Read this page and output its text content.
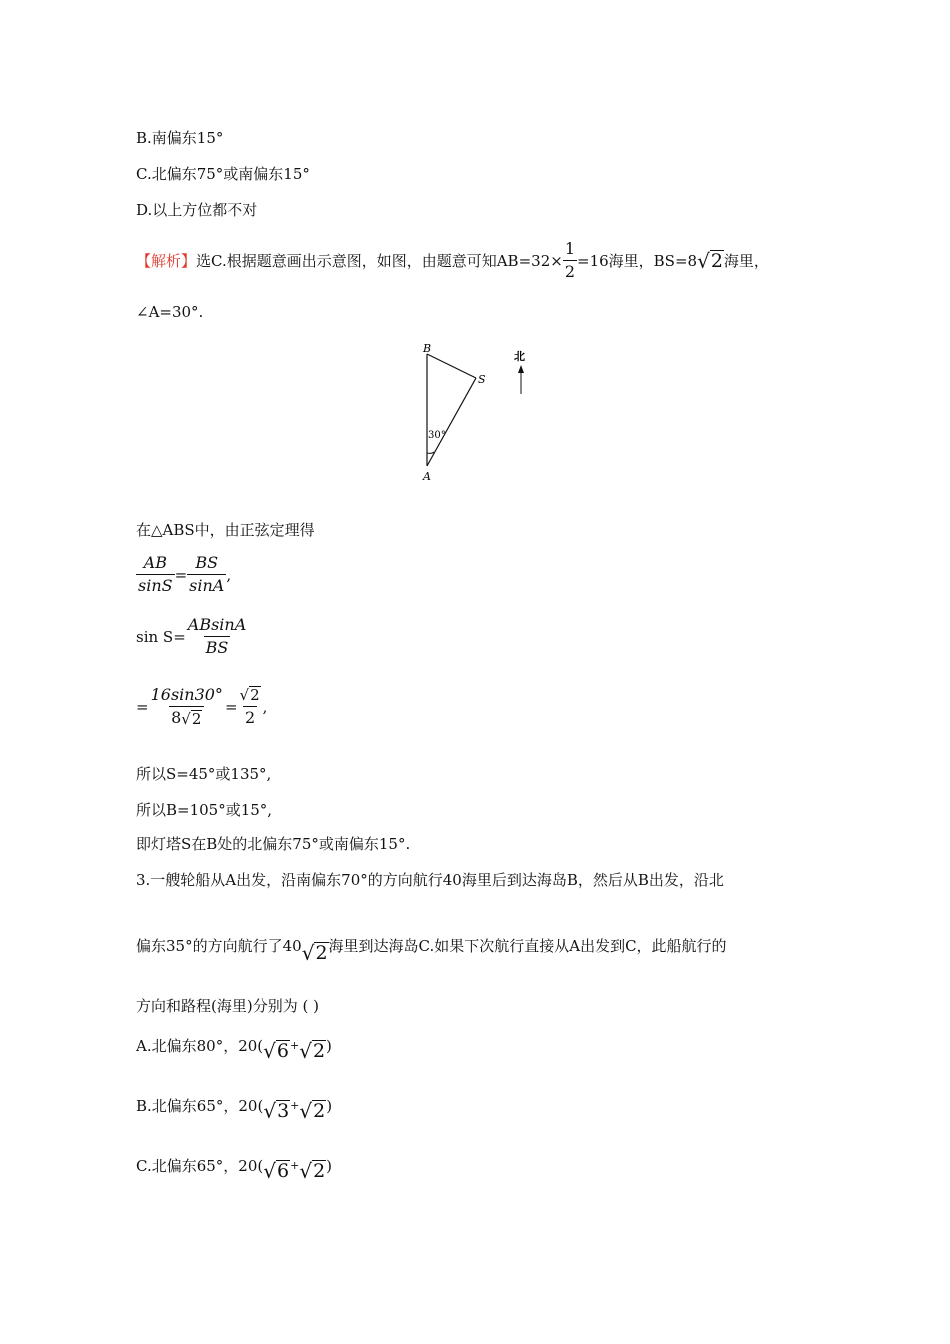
B.南偏东15°
C.北偏东75°或南偏东15°
D.以上方位都不对
【解析】 选C.根据题意画出示意图，如图，由题意可知$AB=32\times \frac{1}{2} =16$海里，BS=8 √ 2 海里，
∠A=30°.
B
S
A
30°
北
在△ABS中，由正弦定理得
$\frac{AB}{\sin S} = \frac{BS}{\sin A}$ ,
$\sin S= \frac{ABsinA}{BS}$
= $\frac{16\sin 30^\circ}{8 √ 2} = \frac{√ 2}{2}$ ,
所以S=45°或135°,
所以B=105°或15°,
即灯塔S在B处的北偏东75°或南偏东15°.
3.一艘轮船从A出发，沿南偏东70°的方向航行40海里后到达海岛B，然后从B出发，沿北
偏东35°的方向航行了40 √ 2 海里到达海岛C.如果下次航行直接从A出发到C，此船航行的
方向和路程(海里)分别为 ( )
A.北偏东80°，20( √ 6 + √ 2 )
B.北偏东65°，20( √ 3 + √ 2 )
C.北偏东65°，20( √ 6 + √ 2 )
